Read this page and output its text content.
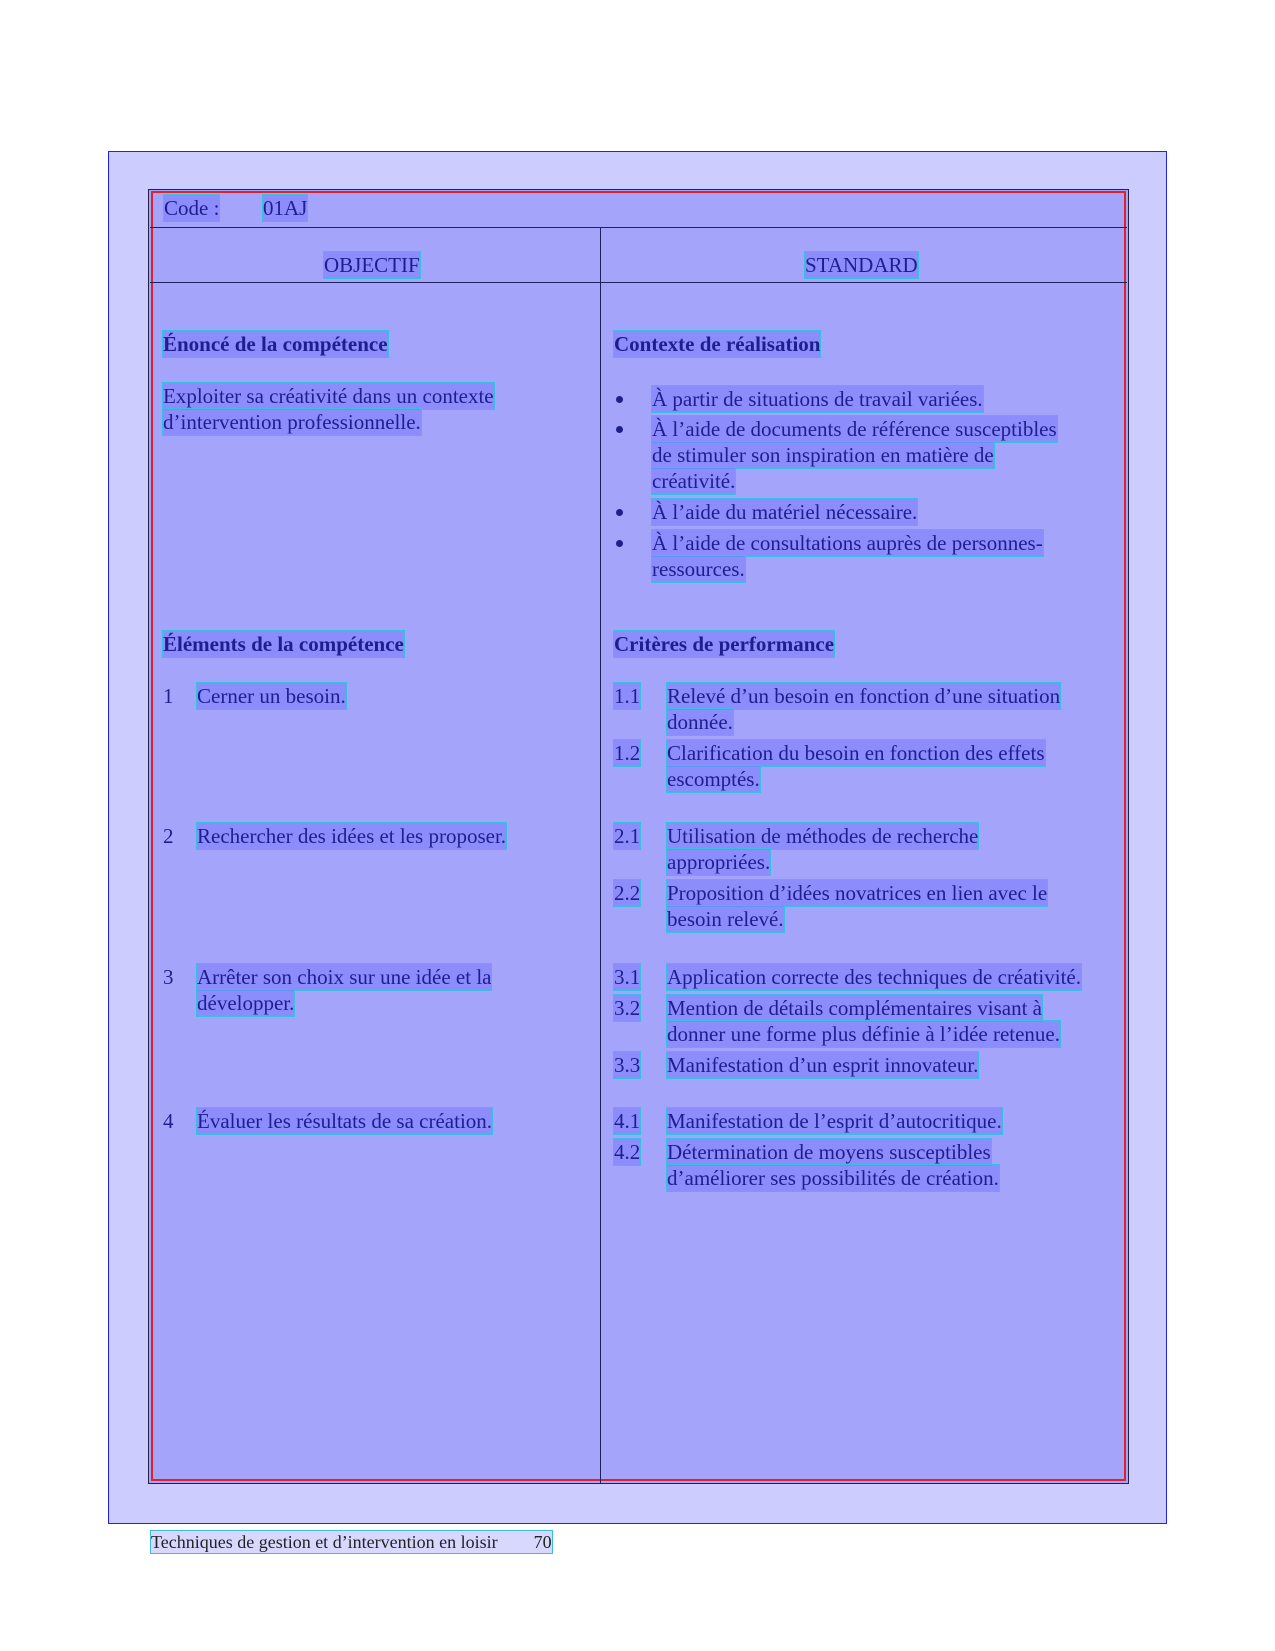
Code : 01AJ
OBJECTIF	STANDARD
Énoncé de la compétence
Exploiter sa créativité dans un contexte
d’intervention professionnelle.
Éléments de la compétence
1 Cerner un besoin.
2 Rechercher des idées et les proposer.
3 Arrêter son choix sur une idée et la
développer.
4 Évaluer les résultats de sa création.
Contexte de réalisation
À partir de situations de travail variées.
À l’aide de documents de référence susceptibles
de stimuler son inspiration en matière de
créativité.
À l’aide du matériel nécessaire.
À l’aide de consultations auprès de personnes-
ressources.
Critères de performance
1.1 Relevé d’un besoin en fonction d’une situation
donnée.
1.2 Clarification du besoin en fonction des effets
escomptés.
2.1 Utilisation de méthodes de recherche
appropriées.
2.2 Proposition d’idées novatrices en lien avec le
besoin relevé.
3.1 Application correcte des techniques de créativité.
3.2 Mention de détails complémentaires visant à
donner une forme plus définie à l’idée retenue.
3.3 Manifestation d’un esprit innovateur.
4.1 Manifestation de l’esprit d’autocritique.
4.2 Détermination de moyens susceptibles
d’améliorer ses possibilités de création.
Techniques de gestion et d’intervention en loisir 70
